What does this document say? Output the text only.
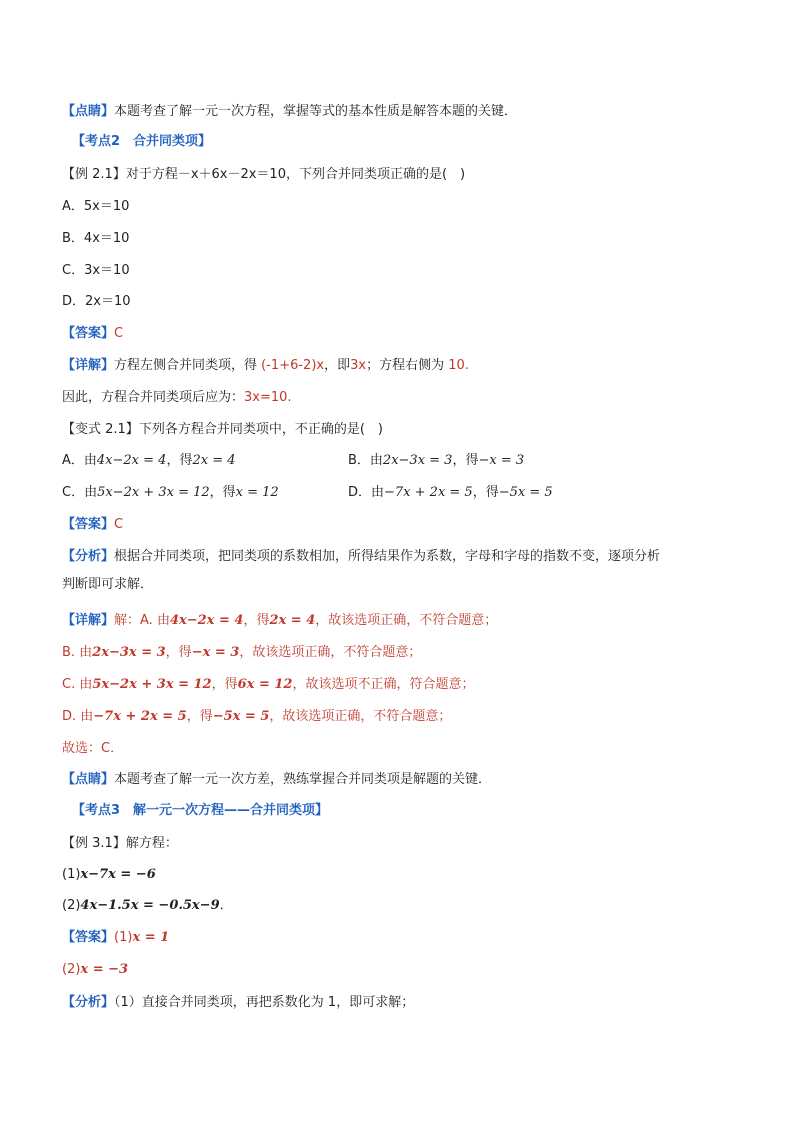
【点睛】本题考查了解一元一次方程，掌握等式的基本性质是解答本题的关键．
【考点2　合并同类项】
【例 2.1】对于方程－x＋6x－2x＝10，下列合并同类项正确的是(　)
A．5x＝10
B．4x＝10
C．3x＝10
D．2x＝10
【答案】C
【详解】方程左侧合并同类项，得 (-1+6-2)x，即3x；方程右侧为 10.
因此，方程合并同类项后应为：3x=10.
【变式 2.1】下列各方程合并同类项中，不正确的是(　)
A．由4x−2x = 4，得2x = 4	B．由2x−3x = 3，得−x = 3
C．由5x−2x + 3x = 12，得x = 12	D．由−7x + 2x = 5，得−5x = 5
【答案】C
【分析】根据合并同类项，把同类项的系数相加，所得结果作为系数，字母和字母的指数不变，逐项分析
判断即可求解．
【详解】解：A. 由4x−2x = 4，得2x = 4，故该选项正确，不符合题意；
B. 由2x−3x = 3，得−x = 3，故该选项正确，不符合题意；
C. 由5x−2x + 3x = 12，得6x = 12，故该选项不正确，符合题意；
D. 由−7x + 2x = 5，得−5x = 5，故该选项正确，不符合题意；
故选：C．
【点睛】本题考查了解一元一次方差，熟练掌握合并同类项是解题的关键．
【考点3　解一元一次方程——合并同类项】
【例 3.1】解方程：
(1)x−7x = −6
(2)4x−1.5x = −0.5x−9．
【答案】(1)x = 1
(2)x = −3
【分析】（1）直接合并同类项，再把系数化为 1，即可求解；
